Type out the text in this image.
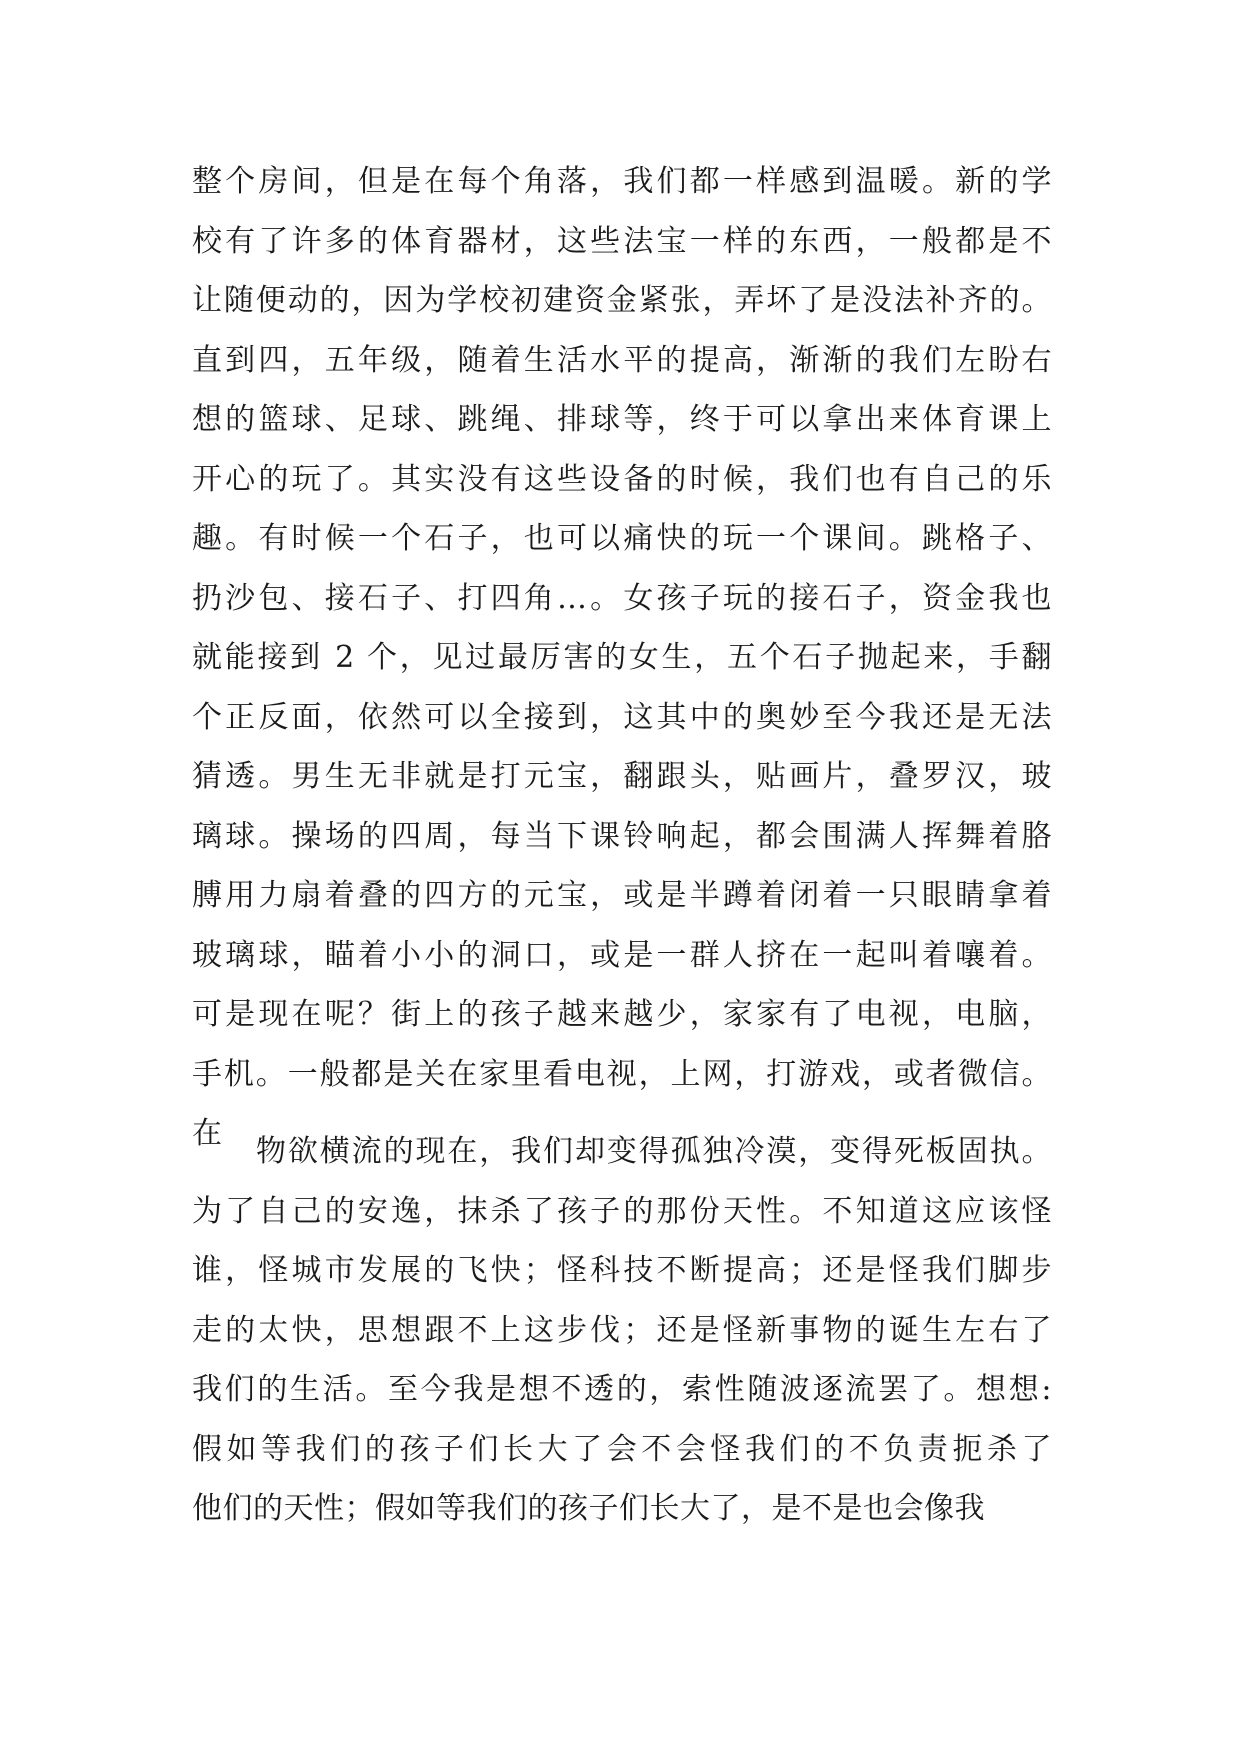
整个房间，但是在每个角落，我们都一样感到温暖。新的学
校有了许多的体育器材，这些法宝一样的东西，一般都是不
让随便动的，因为学校初建资金紧张，弄坏了是没法补齐的。
直到四，五年级，随着生活水平的提高，渐渐的我们左盼右
想的篮球、足球、跳绳、排球等，终于可以拿出来体育课上
开心的玩了。其实没有这些设备的时候，我们也有自己的乐
趣。有时候一个石子，也可以痛快的玩一个课间。跳格子、
扔沙包、接石子、打四角…。女孩子玩的接石子，资金我也
就能接到 2 个，见过最厉害的女生，五个石子抛起来，手翻
个正反面，依然可以全接到，这其中的奥妙至今我还是无法
猜透。男生无非就是打元宝，翻跟头，贴画片，叠罗汉，玻
璃球。操场的四周，每当下课铃响起，都会围满人挥舞着胳
膊用力扇着叠的四方的元宝，或是半蹲着闭着一只眼睛拿着
玻璃球，瞄着小小的洞口，或是一群人挤在一起叫着嚷着。
可是现在呢？街上的孩子越来越少，家家有了电视，电脑，
手机。一般都是关在家里看电视，上网，打游戏，或者微信。
在
物欲横流的现在，我们却变得孤独冷漠，变得死板固执。
为了自己的安逸，抹杀了孩子的那份天性。不知道这应该怪
谁，怪城市发展的飞快；怪科技不断提高；还是怪我们脚步
走的太快，思想跟不上这步伐；还是怪新事物的诞生左右了
我们的生活。至今我是想不透的，索性随波逐流罢了。想想:
假如等我们的孩子们长大了会不会怪我们的不负责扼杀了
他们的天性；假如等我们的孩子们长大了，是不是也会像我
